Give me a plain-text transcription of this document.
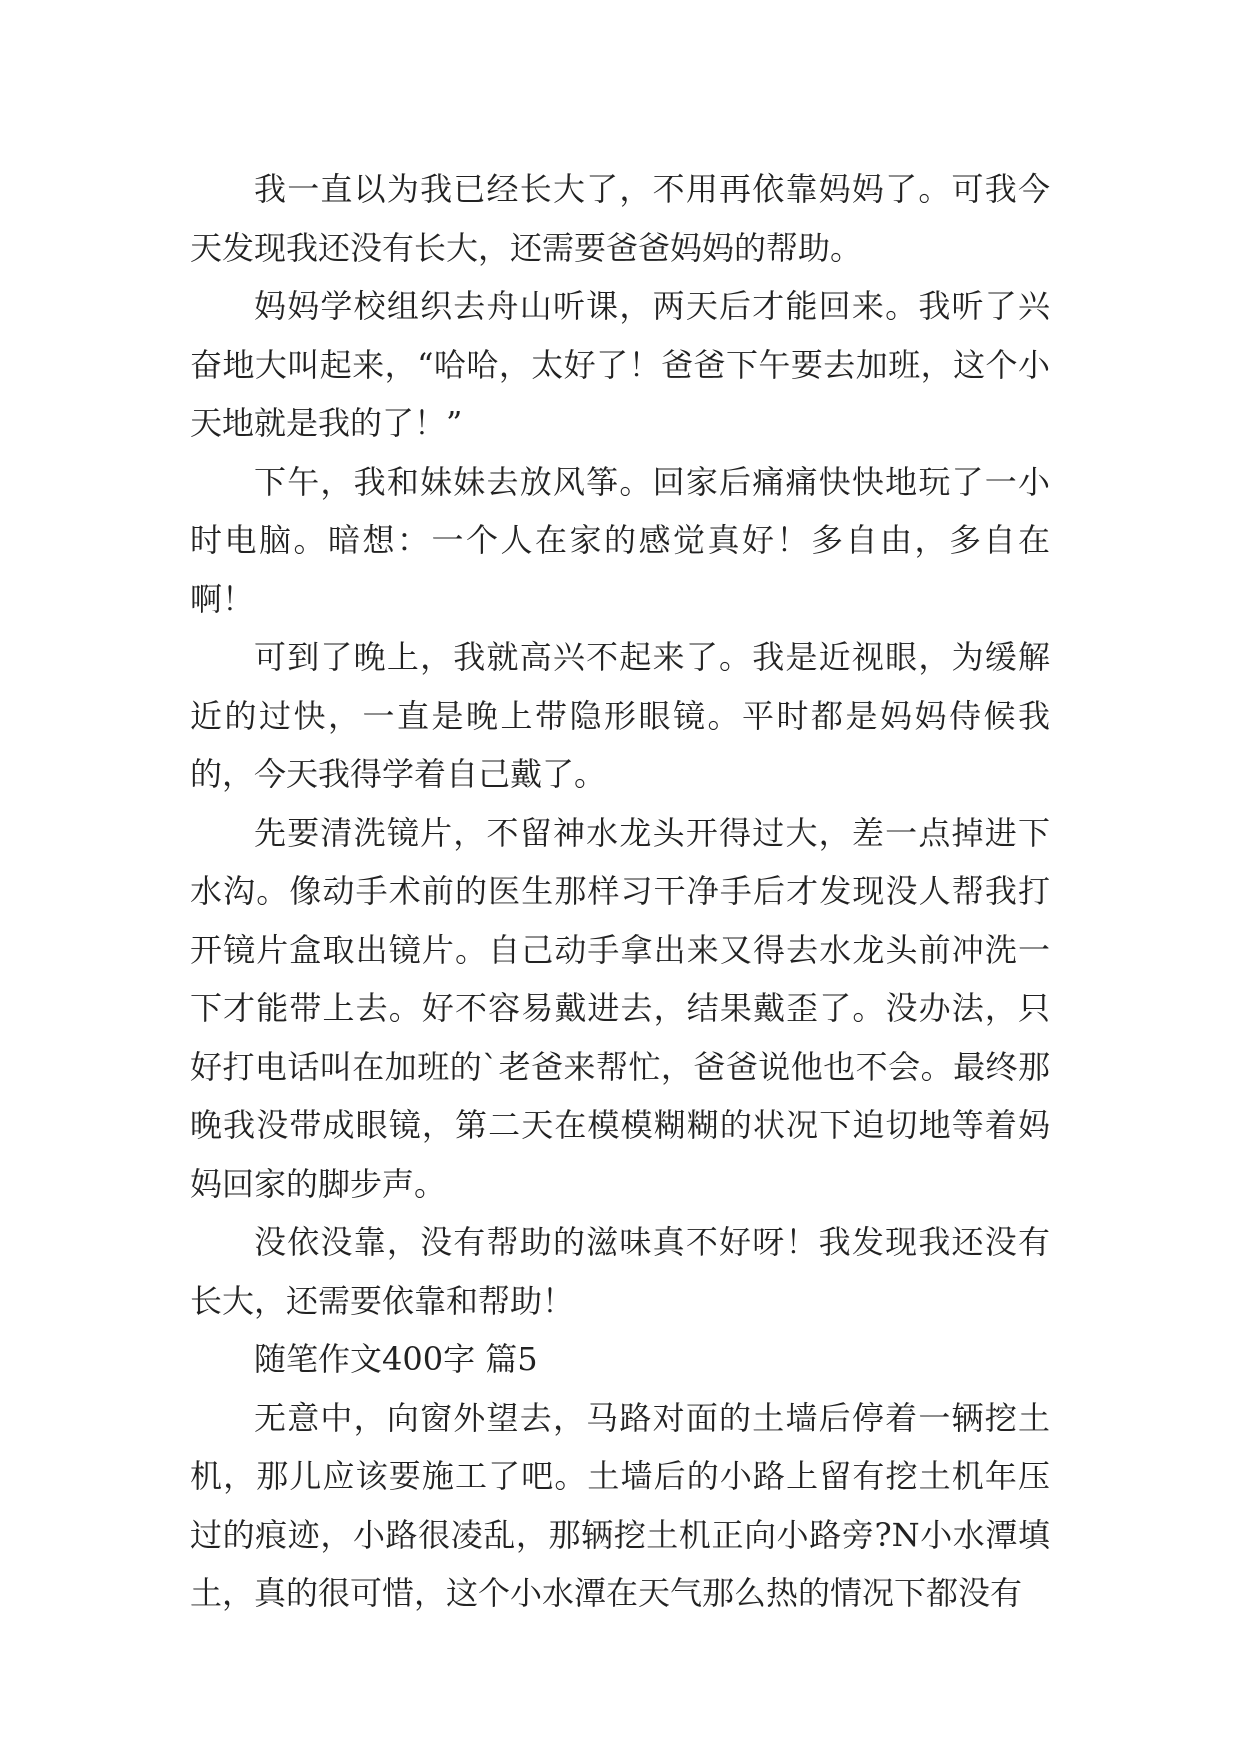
我一直以为我已经长大了，不用再依靠妈妈了。可我今天发现我还没有长大，还需要爸爸妈妈的帮助。

妈妈学校组织去舟山听课，两天后才能回来。我听了兴奋地大叫起来，“哈哈，太好了！爸爸下午要去加班，这个小天地就是我的了！”

下午，我和妹妹去放风筝。回家后痛痛快快地玩了一小时电脑。暗想：一个人在家的感觉真好！多自由，多自在啊！

可到了晚上，我就高兴不起来了。我是近视眼，为缓解近的过快，一直是晚上带隐形眼镜。平时都是妈妈侍候我的，今天我得学着自己戴了。

先要清洗镜片，不留神水龙头开得过大，差一点掉进下水沟。像动手术前的医生那样习干净手后才发现没人帮我打开镜片盒取出镜片。自己动手拿出来又得去水龙头前冲洗一下才能带上去。好不容易戴进去，结果戴歪了。没办法，只好打电话叫在加班的`老爸来帮忙，爸爸说他也不会。最终那晚我没带成眼镜，第二天在模模糊糊的状况下迫切地等着妈妈回家的脚步声。

没依没靠，没有帮助的滋味真不好呀！我发现我还没有长大，还需要依靠和帮助！

随笔作文400字 篇5

无意中，向窗外望去，马路对面的土墙后停着一辆挖土机，那儿应该要施工了吧。土墙后的小路上留有挖土机年压过的痕迹，小路很凌乱，那辆挖土机正向小路旁?N小水潭填土，真的很可惜，这个小水潭在天气那么热的情况下都没有
